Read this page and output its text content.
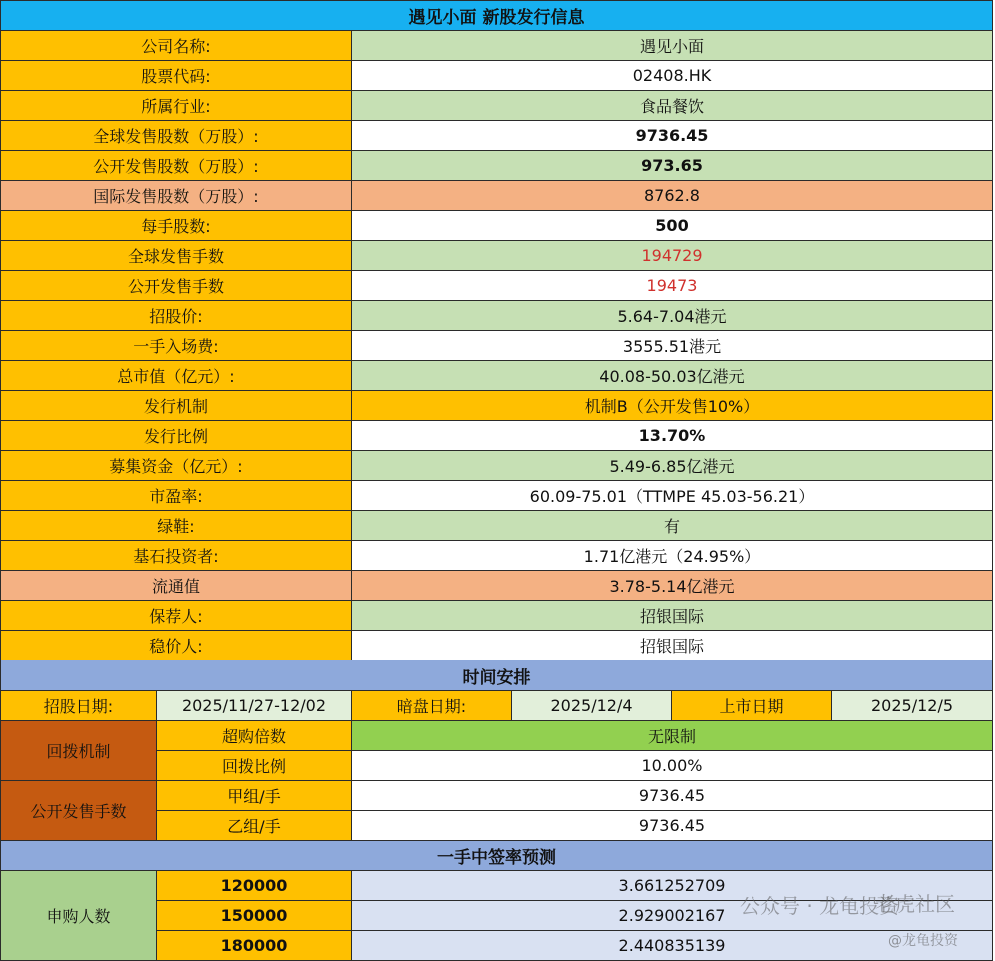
遇见小面 新股发行信息
公司名称:	遇见小面
股票代码:	02408.HK
所属行业:	食品餐饮
全球发售股数（万股）:	9736.45
公开发售股数（万股）:	973.65
国际发售股数（万股）:	8762.8
每手股数:	500
全球发售手数	194729
公开发售手数	19473
招股价:	5.64-7.04港元
一手入场费:	3555.51港元
总市值（亿元）:	40.08-50.03亿港元
发行机制	机制B（公开发售10%）
发行比例	13.70%
募集资金（亿元）:	5.49-6.85亿港元
市盈率:	60.09-75.01（TTMPE 45.03-56.21）
绿鞋:	有
基石投资者:	1.71亿港元（24.95%）
流通值	3.78-5.14亿港元
保荐人:	招银国际
稳价人:	招银国际
时间安排
招股日期:	2025/11/27-12/02	暗盘日期:	2025/12/4	上市日期	2025/12/5
回拨机制
超购倍数	无限制
回拨比例	10.00%
公开发售手数
甲组/手	9736.45
乙组/手	9736.45
一手中签率预测
申购人数
120000	3.661252709
150000	2.929002167
180000	2.440835139
公众号 · 龙龟投资
老虎社区
@龙龟投资
